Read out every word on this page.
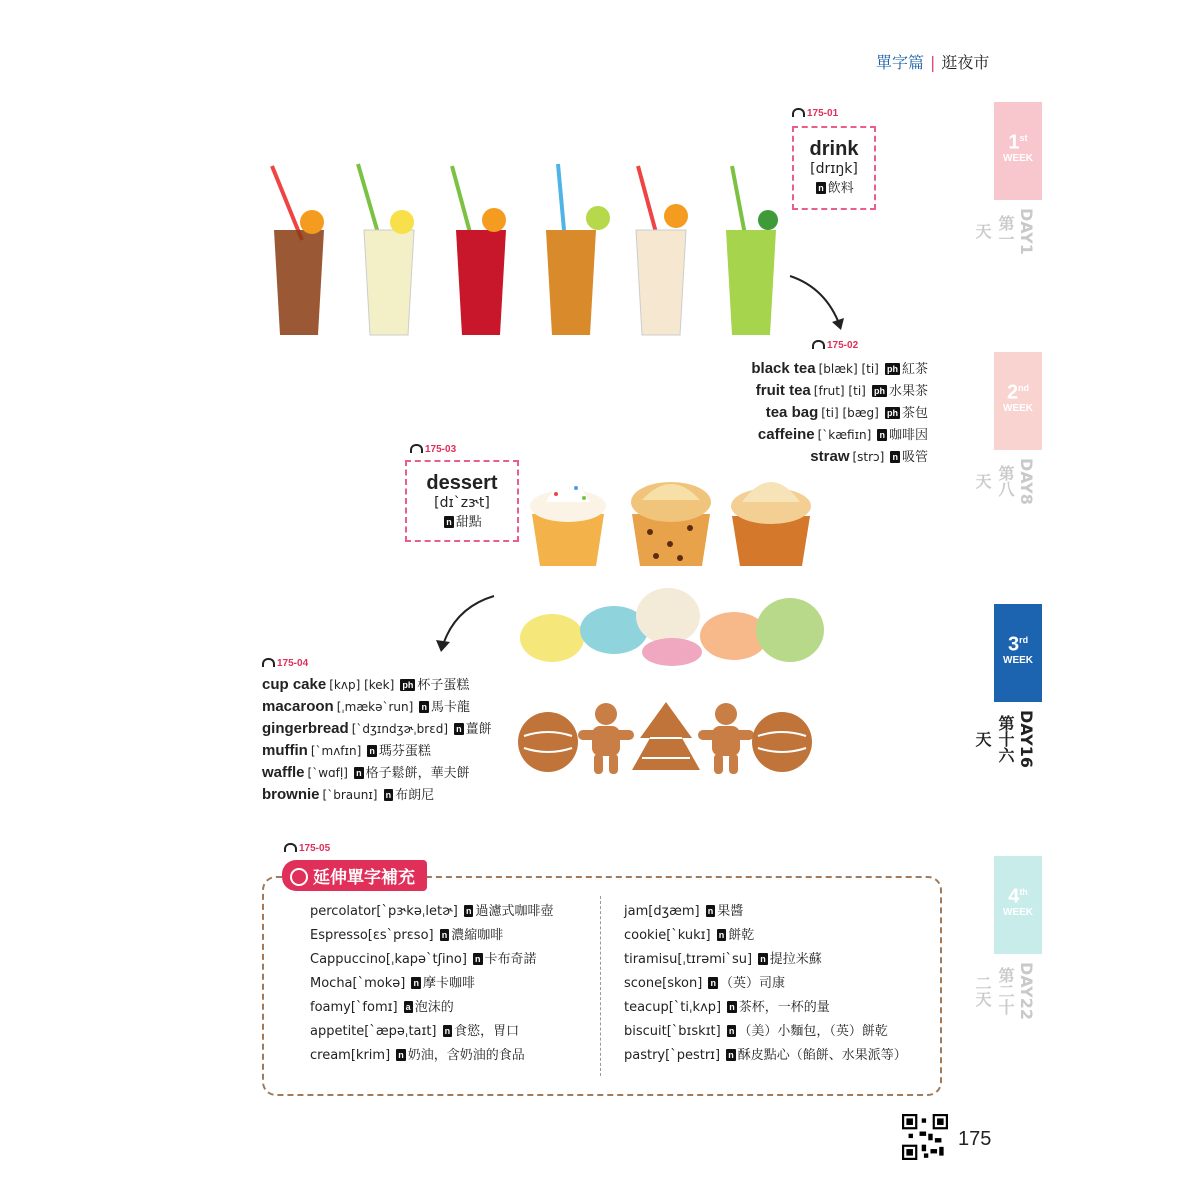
單字篇 | 逛夜市
1st
WEEK
DAY1 第一天
2nd
WEEK
DAY8 第八天
3rd
WEEK
DAY16 第十六天
4th
WEEK
DAY22 第二十二天
175-01
drink
[drɪŋk]
n 飲料
175-02
black tea [blæk] [ti] ph 紅茶
fruit tea [frut] [ti] ph 水果茶
tea bag [ti] [bæg] ph 茶包
caffeine [ˋkæfiɪn] n 咖啡因
straw [strɔ] n 吸管
175-03
dessert
[dɪˋzɝt]
n 甜點
175-04
cup cake [kʌp] [kek] ph 杯子蛋糕
macaroon [ˌmækəˋrun] n 馬卡龍
gingerbread [ˋdʒɪndʒɚˌbrɛd] n 薑餅
muffin [ˋmʌfɪn] n 瑪芬蛋糕
waffle [ˋwɑfḷ] n 格子鬆餅，華夫餅
brownie [ˋbraunɪ] n 布朗尼
175-05
延伸單字補充
percolator[ˋpɝkəˌletɚ] n 過濾式咖啡壺
Espresso[ɛsˋprɛso] n 濃縮咖啡
Cappuccino[ˌkapəˋtʃino] n 卡布奇諾
Mocha[ˋmokə] n 摩卡咖啡
foamy[ˋfomɪ] a 泡沫的
appetite[ˋæpəˌtaɪt] n 食慾，胃口
cream[krim] n 奶油，含奶油的食品
jam[dʒæm] n 果醬
cookie[ˋkukɪ] n 餅乾
tiramisu[ˌtɪrəmiˋsu] n 提拉米蘇
scone[skon] n （英）司康
teacup[ˋtiˌkʌp] n 茶杯，一杯的量
biscuit[ˋbɪskɪt] n （美）小麵包，（英）餅乾
pastry[ˋpestrɪ] n 酥皮點心（餡餅、水果派等）
175
